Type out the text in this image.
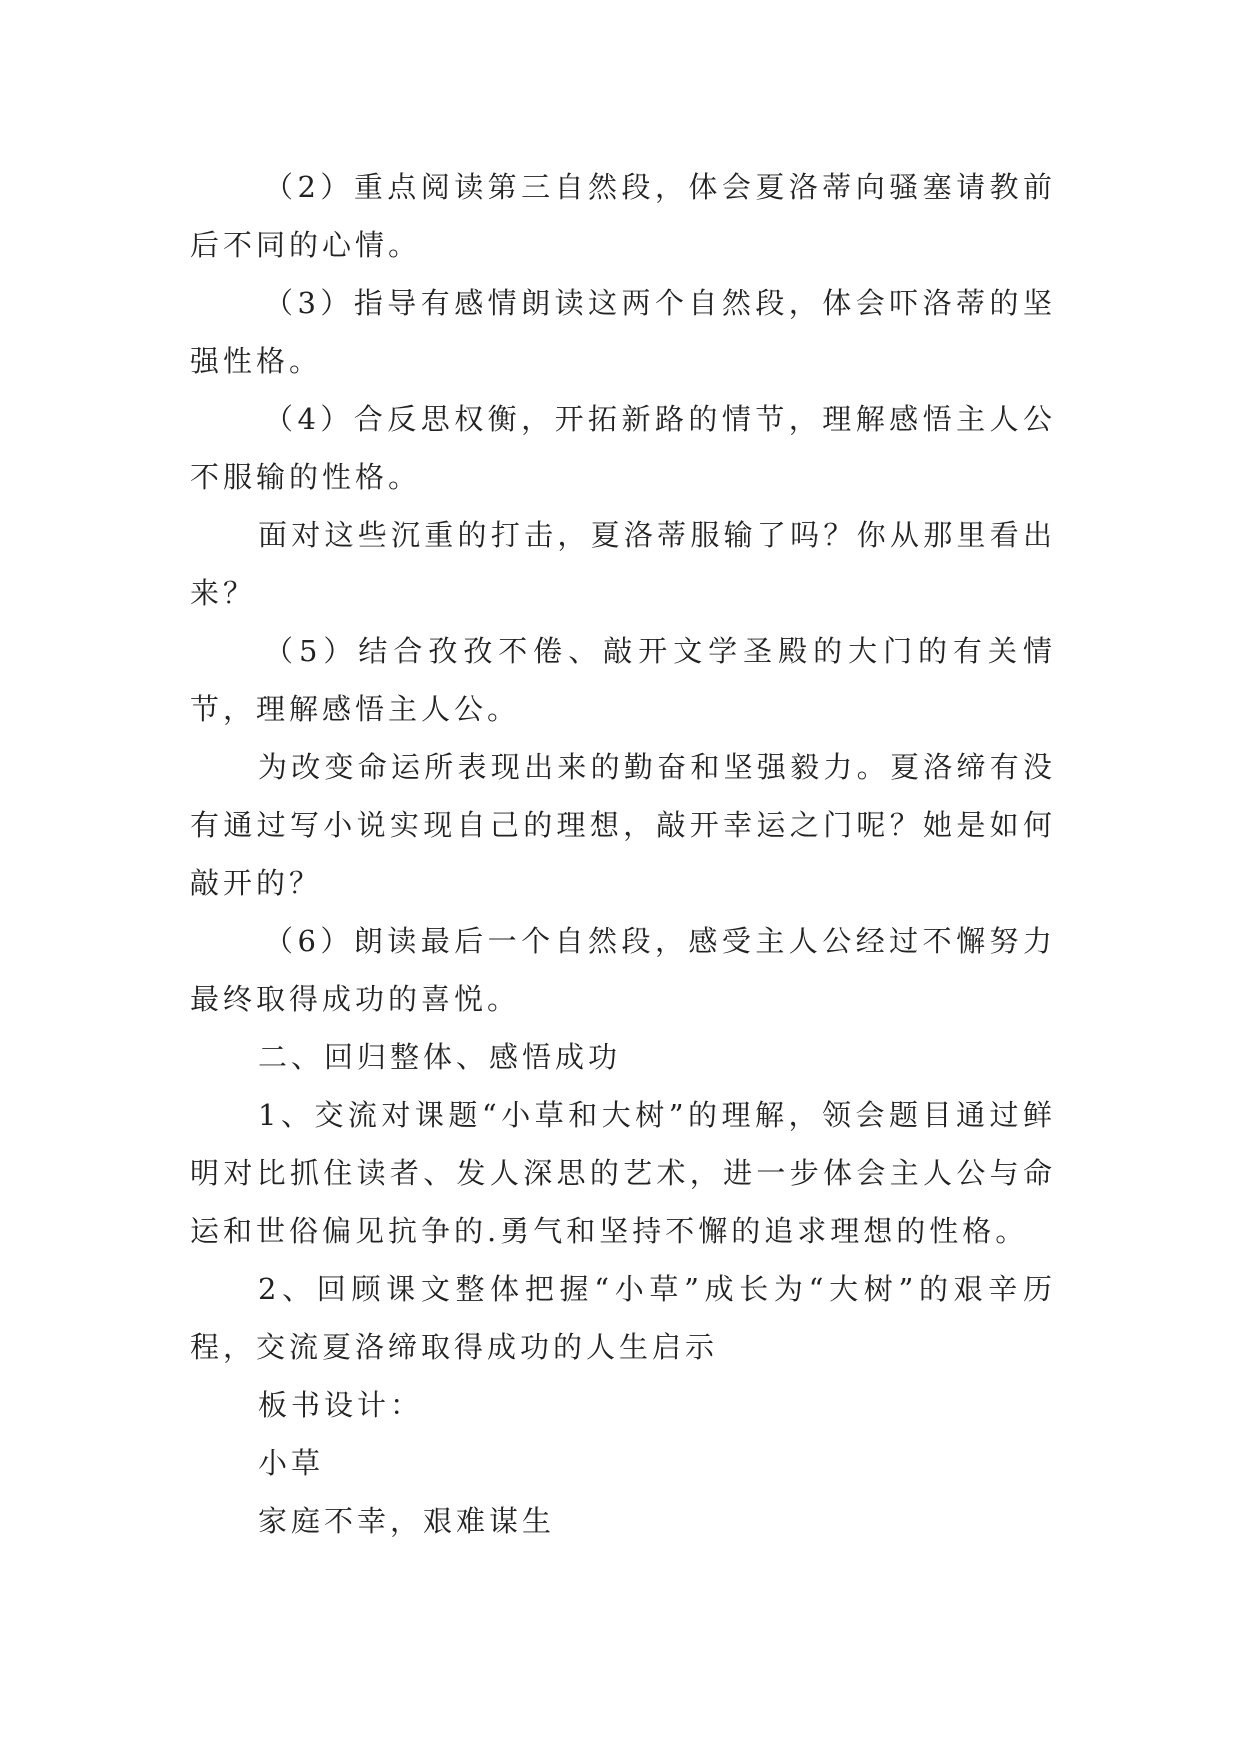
（2）重点阅读第三自然段，体会夏洛蒂向骚塞请教前后不同的心情。

（3）指导有感情朗读这两个自然段，体会吓洛蒂的坚强性格。

（4）合反思权衡，开拓新路的情节，理解感悟主人公不服输的性格。

面对这些沉重的打击，夏洛蒂服输了吗？你从那里看出来？

（5）结合孜孜不倦、敲开文学圣殿的大门的有关情节，理解感悟主人公。

为改变命运所表现出来的勤奋和坚强毅力。夏洛缔有没有通过写小说实现自己的理想，敲开幸运之门呢？她是如何敲开的？

（6）朗读最后一个自然段，感受主人公经过不懈努力最终取得成功的喜悦。

二、回归整体、感悟成功

1、交流对课题“小草和大树”的理解，领会题目通过鲜明对比抓住读者、发人深思的艺术，进一步体会主人公与命运和世俗偏见抗争的.勇气和坚持不懈的追求理想的性格。

2、回顾课文整体把握“小草”成长为“大树”的艰辛历程，交流夏洛缔取得成功的人生启示

板书设计：

小草

家庭不幸，艰难谋生
